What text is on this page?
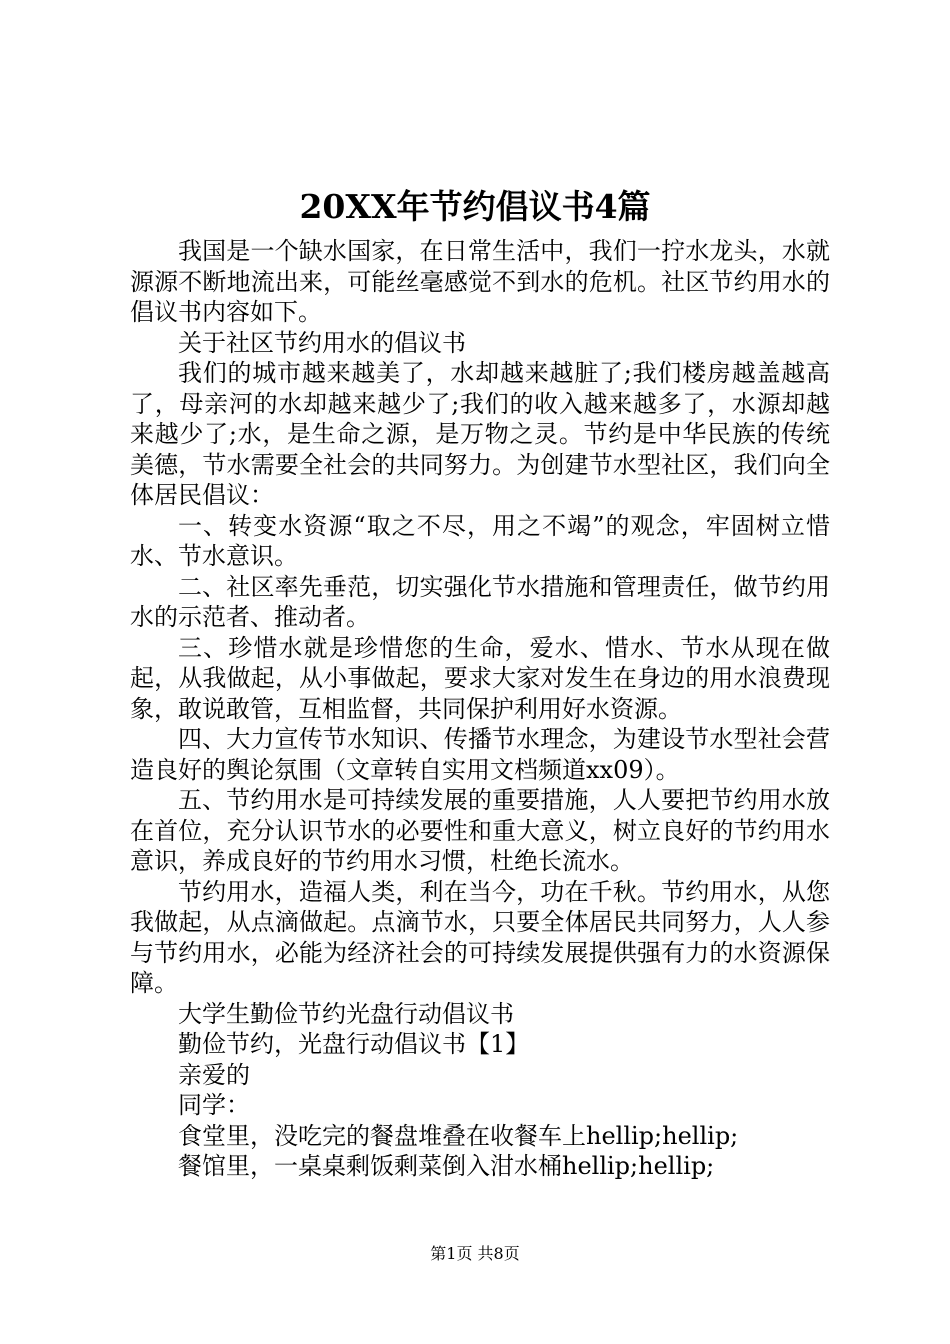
20XX年节约倡议书4篇

我国是一个缺水国家，在日常生活中，我们一拧水龙头，水就源源不断地流出来，可能丝毫感觉不到水的危机。社区节约用水的倡议书内容如下。

关于社区节约用水的倡议书

我们的城市越来越美了，水却越来越脏了;我们楼房越盖越高了，母亲河的水却越来越少了;我们的收入越来越多了，水源却越来越少了;水，是生命之源，是万物之灵。节约是中华民族的传统美德，节水需要全社会的共同努力。为创建节水型社区，我们向全体居民倡议：

一、转变水资源“取之不尽，用之不竭”的观念，牢固树立惜水、节水意识。

二、社区率先垂范，切实强化节水措施和管理责任，做节约用水的示范者、推动者。

三、珍惜水就是珍惜您的生命，爱水、惜水、节水从现在做起，从我做起，从小事做起，要求大家对发生在身边的用水浪费现象，敢说敢管，互相监督，共同保护利用好水资源。

四、大力宣传节水知识、传播节水理念，为建设节水型社会营造良好的舆论氛围（文章转自实用文档频道xx09）。

五、节约用水是可持续发展的重要措施，人人要把节约用水放在首位，充分认识节水的必要性和重大意义，树立良好的节约用水意识，养成良好的节约用水习惯，杜绝长流水。

节约用水，造福人类，利在当今，功在千秋。节约用水，从您我做起，从点滴做起。点滴节水，只要全体居民共同努力，人人参与节约用水，必能为经济社会的可持续发展提供强有力的水资源保障。

大学生勤俭节约光盘行动倡议书

勤俭节约，光盘行动倡议书【1】

亲爱的

同学：

食堂里，没吃完的餐盘堆叠在收餐车上hellip;hellip;

餐馆里，一桌桌剩饭剩菜倒入泔水桶hellip;hellip;

第1页 共8页
